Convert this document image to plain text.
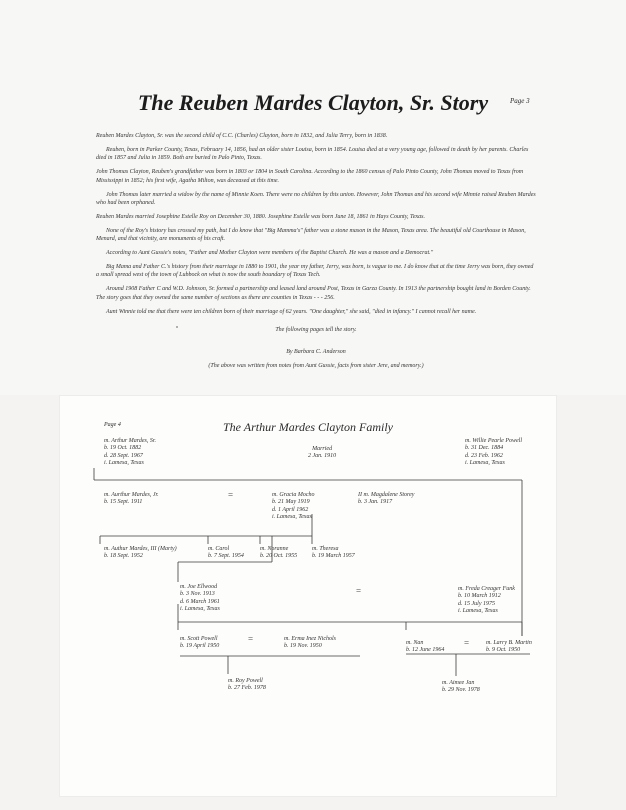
The Reuben Mardes Clayton, Sr. Story	Page 3

Reuben Mardes Clayton, Sr. was the second child of C.C. (Charles) Clayton, born in 1832, and Julia Terry, born in 1838.

Reuben, born in Parker County, Texas, February 14, 1856, had an older sister Louisa, born in 1854. Louisa died at a very young age, followed in death by her parents. Charles died in 1857 and Julia in 1859. Both are buried in Palo Pinto, Texas.

John Thomas Clayton, Reuben's grandfather was born in 1803 or 1804 in South Carolina. According to the 1860 census of Palo Pinto County, John Thomas moved to Texas from Mississippi in 1852; his first wife, Agatha Milton, was deceased at this time.

John Thomas later married a widow by the name of Minnie Koen. There were no children by this union. However, John Thomas and his second wife Minnie raised Reuben Mardes who had been orphaned.

Reuben Mardes married Josephine Estelle Roy on December 30, 1880. Josephine Estelle was born June 18, 1861 in Hays County, Texas.

None of the Roy's history has crossed my path, but I do know that "Big Mamma's" father was a stone mason in the Mason, Texas area. The beautiful old Courthouse in Mason, Menard, and that vicinity, are monuments of his craft.

According to Aunt Gussie's notes, "Father and Mother Clayton were members of the Baptist Church. He was a mason and a Democrat."

Big Mama and Father C.'s history from their marriage in 1880 to 1901, the year my father, Jerry, was born, is vague to me. I do know that at the time Jerry was born, they owned a small spread west of the town of Lubbock on what is now the south boundary of Texas Tech.

Around 1908 Father C and W.D. Johnson, Sr. formed a partnership and leased land around Post, Texas in Garza County. In 1913 the partnership bought land in Borden County. The story goes that they owned the same number of sections as there are counties in Texas - - - 256.

Aunt Winnie told me that there were ten children born of their marriage of 62 years. "One daughter," she said, "died in infancy." I cannot recall her name.

The following pages tell the story.

By Barbara C. Anderson

(The above was written from notes from Aunt Gussie, facts from sister Jere, and memory.)

Page 4	The Arthur Mardes Clayton Family
m. Arthur Mardes, Sr.
b. 19 Oct. 1882
d. 28 Sept. 1967
i. Lamesa, Texas
Married
2 Jan. 1910
m. Willie Pearle Powell
b. 31 Dec. 1884
d. 23 Feb. 1962
i. Lamesa, Texas
m. Aurthur Mardes, Jr.
b. 15 Sept. 1911
=	m. Gracia Mocho
b. 21 May 1919
d. 1 April 1962
i. Lamesa, Texas
II m. Magdalene Storey
b. 3 Jan. 1917
m. Authur Mardes, III (Marty)
b. 18 Sept. 1952
m. Carol
b. 7 Sept. 1954
m. Noranne
b. 20 Oct. 1955
m. Theresa
b. 19 March 1957
m. Joe Ellwood
b. 3 Nov. 1913
d. 6 March 1961
i. Lamesa, Texas
=	m. Freda Creager Funk
b. 10 March 1912
d. 15 July 1975
i. Lamesa, Texas
m. Scott Powell
b. 19 April 1950
=	m. Erma Inez Nichols
b. 19 Nov. 1950
m. Nan
b. 12 June 1964
=	m. Larry B. Martin
b. 9 Oct. 1950
m. Roy Powell
b. 27 Feb. 1978
m. Aimee Jan
b. 29 Nov. 1978
